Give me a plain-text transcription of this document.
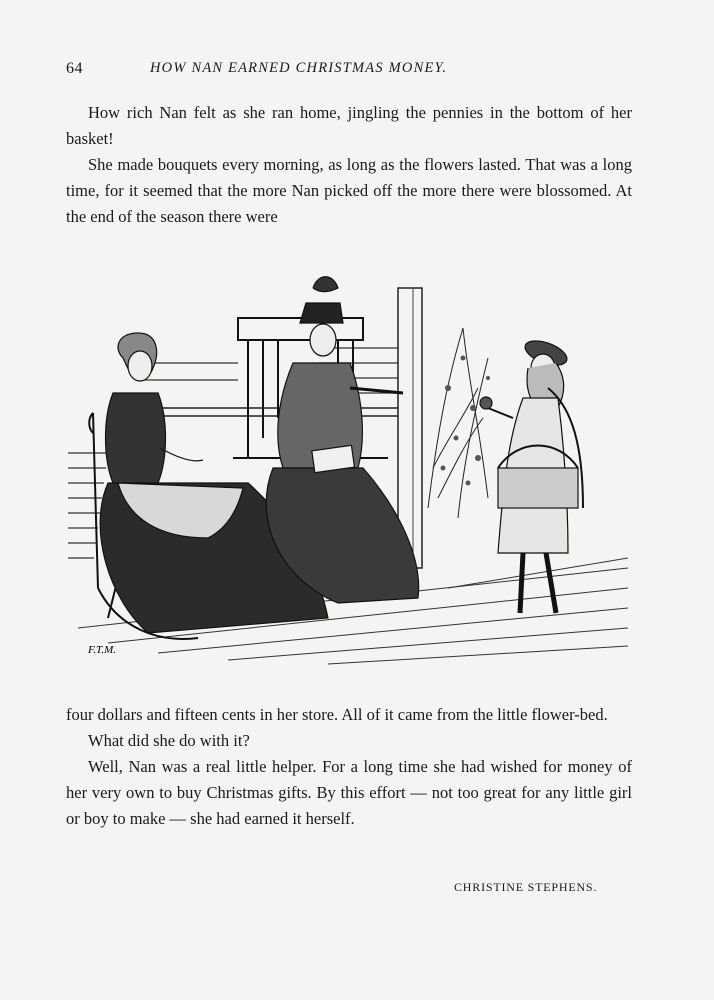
64	HOW NAN EARNED CHRISTMAS MONEY.

How rich Nan felt as she ran home, jingling the pennies in the bottom of her basket!

She made bouquets every morning, as long as the flowers lasted. That was a long time, for it seemed that the more Nan picked off the more there were blossomed. At the end of the season there were

F.T.M.

four dollars and fifteen cents in her store. All of it came from the little flower-bed.

What did she do with it?

Well, Nan was a real little helper. For a long time she had wished for money of her very own to buy Christmas gifts. By this effort — not too great for any little girl or boy to make — she had earned it herself.

CHRISTINE STEPHENS.
